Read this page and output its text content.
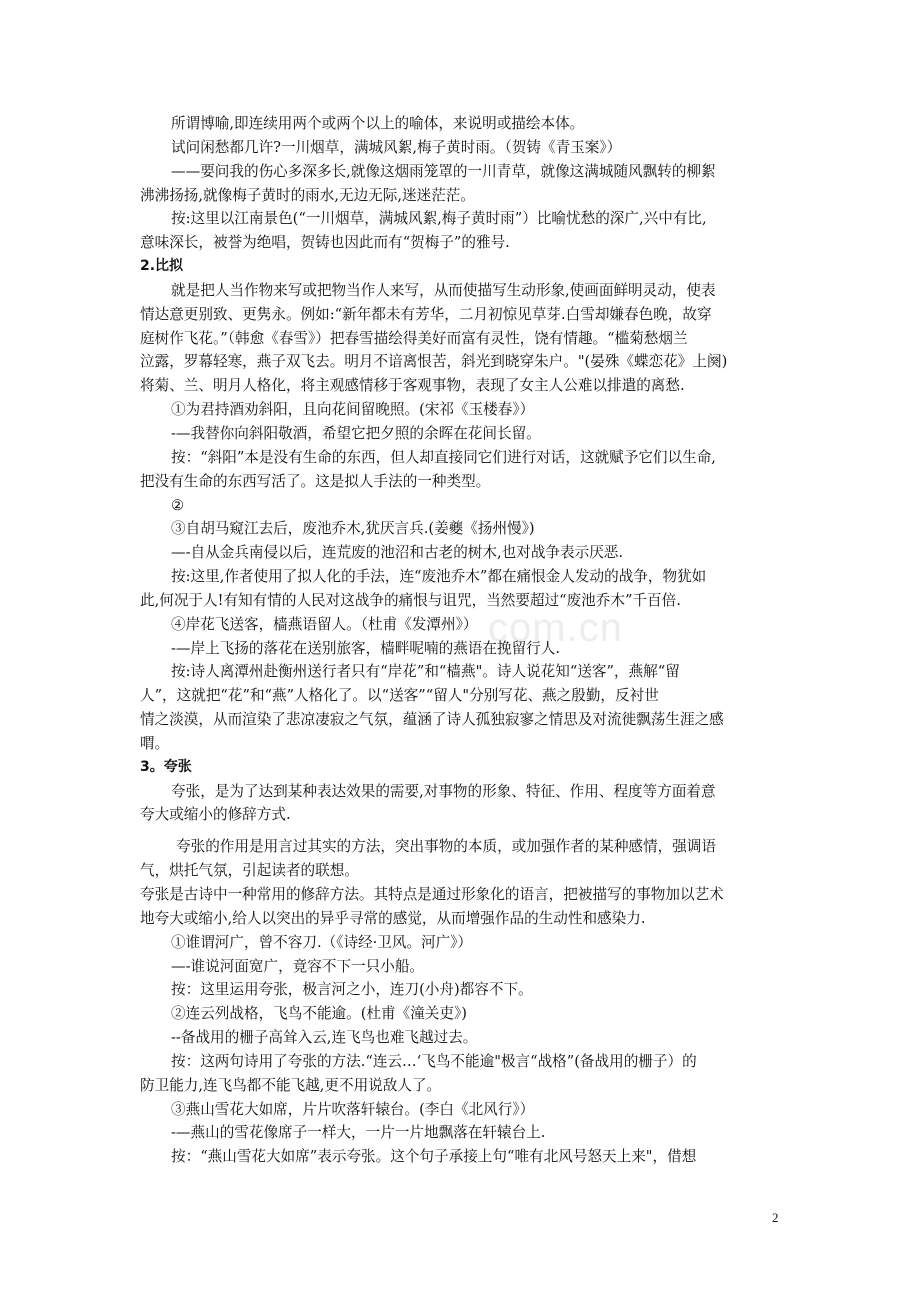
com.cn
所谓博喻,即连续用两个或两个以上的喻体，来说明或描绘本体。
试问闲愁都几许?一川烟草，满城风絮,梅子黄时雨。（贺铸《青玉案》）
——要问我的伤心多深多长,就像这烟雨笼罩的一川青草，就像这满城随风飘转的柳絮
沸沸扬扬,就像梅子黄时的雨水,无边无际,迷迷茫茫。
按:这里以江南景色(“一川烟草，满城风絮,梅子黄时雨”）比喻忧愁的深广,兴中有比,
意味深长，被誉为绝唱，贺铸也因此而有“贺梅子”的雅号.
2.比拟
就是把人当作物来写或把物当作人来写，从而使描写生动形象,使画面鲜明灵动，使表
情达意更别致、更隽永。例如:“新年都未有芳华，二月初惊见草芽.白雪却嫌春色晚，故穿
庭树作飞花。”（韩愈《春雪》）把春雪描绘得美好而富有灵性，饶有情趣。“槛菊愁烟兰
泣露，罗幕轻寒，燕子双飞去。明月不谙离恨苦，斜光到晓穿朱户。"(晏殊《蝶恋花》上阕)
将菊、兰、明月人格化，将主观感情移于客观事物，表现了女主人公难以排遣的离愁.
①为君持酒劝斜阳，且向花间留晚照。(宋祁《玉楼春》）
-—我替你向斜阳敬酒，希望它把夕照的余晖在花间长留。
按：“斜阳”本是没有生命的东西，但人却直接同它们进行对话，这就赋予它们以生命,
把没有生命的东西写活了。这是拟人手法的一种类型。
②
③自胡马窥江去后，废池乔木,犹厌言兵.(姜夔《扬州慢》)
—-自从金兵南侵以后，连荒废的池沼和古老的树木,也对战争表示厌恶.
按:这里,作者使用了拟人化的手法，连“废池乔木”都在痛恨金人发动的战争，物犹如
此,何况于人!有知有情的人民对这战争的痛恨与诅咒，当然要超过“废池乔木”千百倍.
④岸花飞送客，樯燕语留人。（杜甫《发潭州》）
-—岸上飞扬的落花在送别旅客，樯畔呢喃的燕语在挽留行人.
按:诗人离潭州赴衡州送行者只有“岸花”和“樯燕"。诗人说花知“送客”，燕解“留
人”，这就把“花”和“燕”人格化了。以“送客”“留人"分别写花、燕之殷勤，反衬世
情之淡漠，从而渲染了悲凉凄寂之气氛，蕴涵了诗人孤独寂寥之情思及对流徙飘荡生涯之感
喟。
3。夸张
夸张，是为了达到某种表达效果的需要,对事物的形象、特征、作用、程度等方面着意
夸大或缩小的修辞方式.
夸张的作用是用言过其实的方法，突出事物的本质，或加强作者的某种感情，强调语
气，烘托气氛，引起读者的联想。
夸张是古诗中一种常用的修辞方法。其特点是通过形象化的语言，把被描写的事物加以艺术
地夸大或缩小,给人以突出的异乎寻常的感觉，从而增强作品的生动性和感染力.
①谁谓河广，曾不容刀.（《诗经·卫风。河广》）
—-谁说河面宽广，竟容不下一只小船。
按：这里运用夸张，极言河之小，连刀(小舟)都容不下。
②连云列战格，飞鸟不能逾。(杜甫《潼关吏》)
--备战用的栅子高耸入云,连飞鸟也难飞越过去。
按：这两句诗用了夸张的方法.“连云…‘飞鸟不能逾"极言“战格”(备战用的栅子）的
防卫能力,连飞鸟都不能飞越,更不用说敌人了。
③燕山雪花大如席，片片吹落轩辕台。(李白《北风行》）
-—燕山的雪花像席子一样大，一片一片地飘落在轩辕台上.
按：“燕山雪花大如席”表示夸张。这个句子承接上句“唯有北风号怒天上来"，借想
2
